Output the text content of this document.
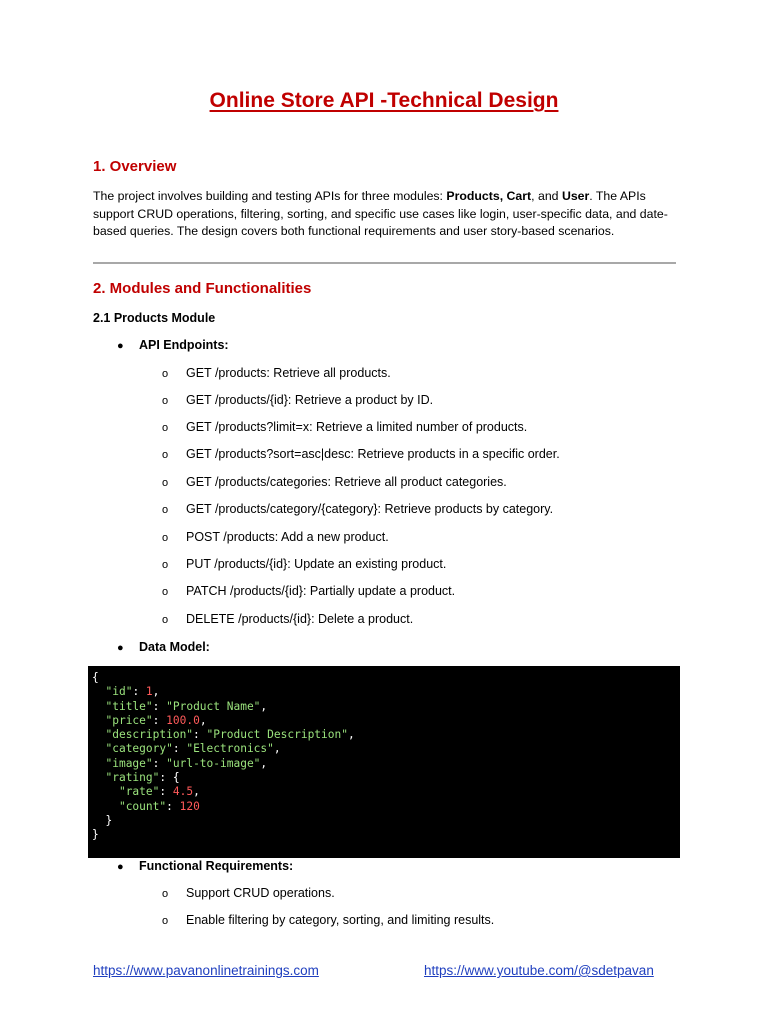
Online Store API -Technical Design
1. Overview
The project involves building and testing APIs for three modules: Products, Cart, and User. The APIs support CRUD operations, filtering, sorting, and specific use cases like login, user-specific data, and date-based queries. The design covers both functional requirements and user story-based scenarios.
2. Modules and Functionalities
2.1 Products Module
● API Endpoints:
o GET /products: Retrieve all products.
o GET /products/{id}: Retrieve a product by ID.
o GET /products?limit=x: Retrieve a limited number of products.
o GET /products?sort=asc|desc: Retrieve products in a specific order.
o GET /products/categories: Retrieve all product categories.
o GET /products/category/{category}: Retrieve products by category.
o POST /products: Add a new product.
o PUT /products/{id}: Update an existing product.
o PATCH /products/{id}: Partially update a product.
o DELETE /products/{id}: Delete a product.
● Data Model:
{
"id": 1,
"title": "Product Name",
"price": 100.0,
"description": "Product Description",
"category": "Electronics",
"image": "url-to-image",
"rating": {
"rate": 4.5,
"count": 120
}
}
● Functional Requirements:
o Support CRUD operations.
o Enable filtering by category, sorting, and limiting results.
https://www.pavanonlinetrainings.com	https://www.youtube.com/@sdetpavan
